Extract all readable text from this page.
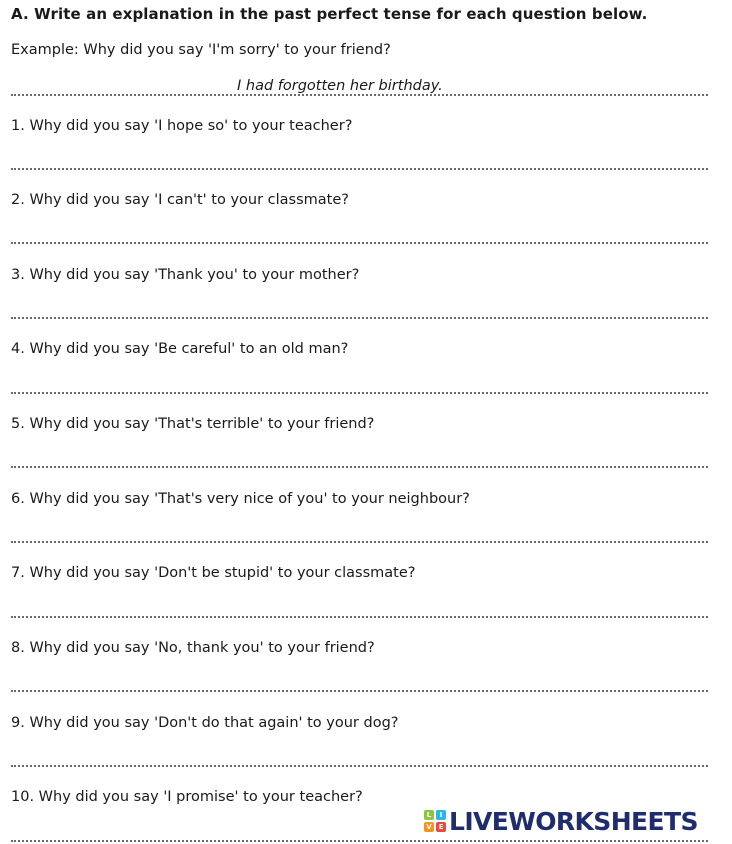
A. Write an explanation in the past perfect tense for each question below.
Example: Why did you say 'I'm sorry' to your friend?
I had forgotten her birthday.
1. Why did you say 'I hope so' to your teacher?
2. Why did you say 'I can't' to your classmate?
3. Why did you say 'Thank you' to your mother?
4. Why did you say 'Be careful' to an old man?
5. Why did you say 'That's terrible' to your friend?
6. Why did you say 'That's very nice of you' to your neighbour?
7. Why did you say 'Don't be stupid' to your classmate?
8. Why did you say 'No, thank you' to your friend?
9. Why did you say 'Don't do that again' to your dog?
10. Why did you say 'I promise' to your teacher?
L	I
V E LIVEWORKSHEETS
